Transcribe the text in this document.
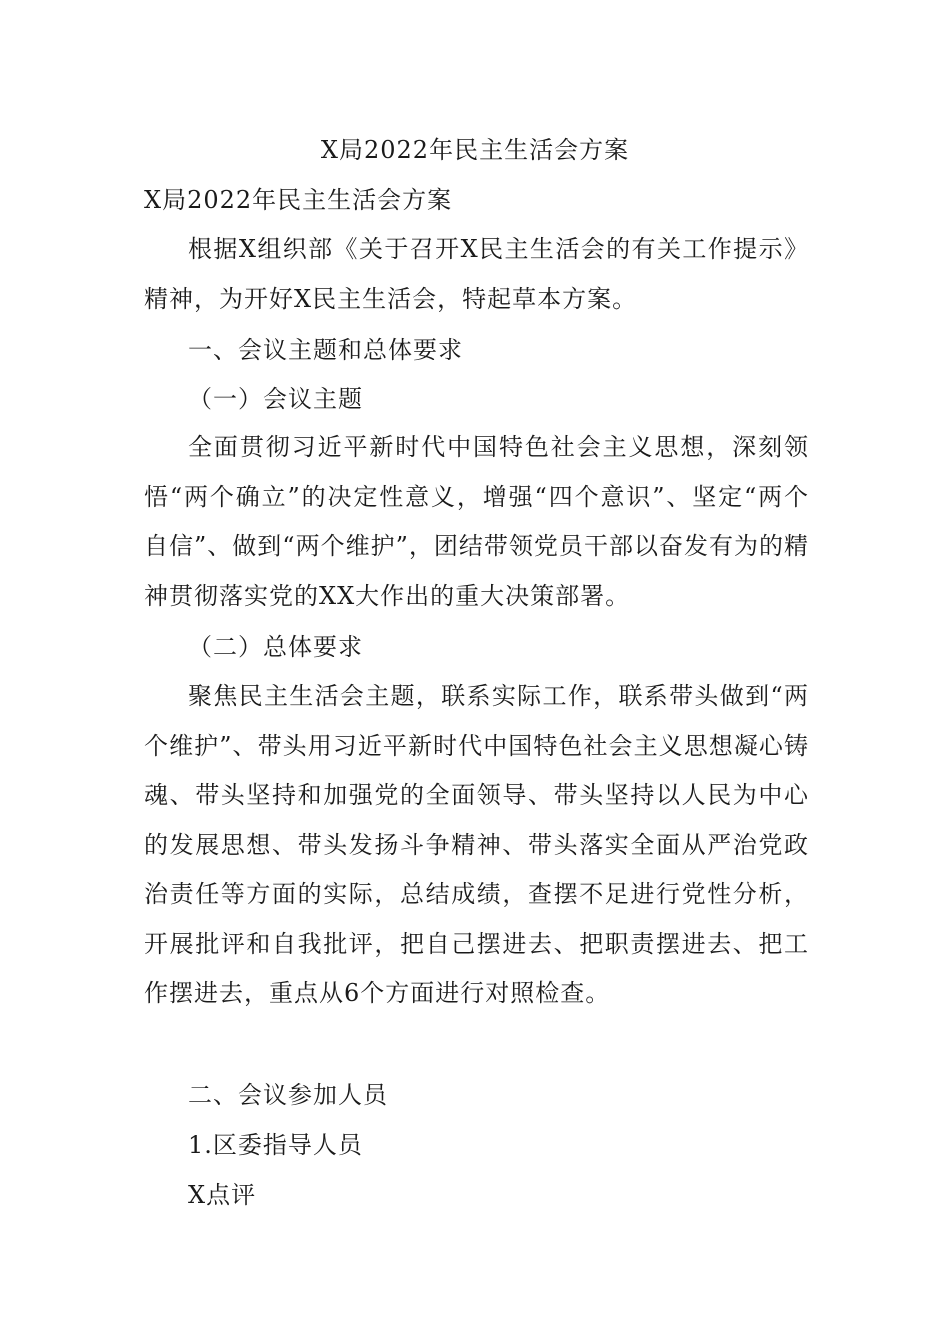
X局2022年民主生活会方案
X局2022年民主生活会方案
根据X组织部《关于召开X民主生活会的有关工作提示》精神，为开好X民主生活会，特起草本方案。
一、会议主题和总体要求
（一）会议主题
全面贯彻习近平新时代中国特色社会主义思想，深刻领悟“两个确立”的决定性意义，增强“四个意识”、坚定“两个自信”、做到“两个维护”，团结带领党员干部以奋发有为的精神贯彻落实党的XX大作出的重大决策部署。
（二）总体要求
聚焦民主生活会主题，联系实际工作，联系带头做到“两个维护”、带头用习近平新时代中国特色社会主义思想凝心铸魂、带头坚持和加强党的全面领导、带头坚持以人民为中心的发展思想、带头发扬斗争精神、带头落实全面从严治党政治责任等方面的实际，总结成绩，查摆不足进行党性分析，开展批评和自我批评，把自己摆进去、把职责摆进去、把工作摆进去，重点从6个方面进行对照检查。
二、会议参加人员
1.区委指导人员
X点评
